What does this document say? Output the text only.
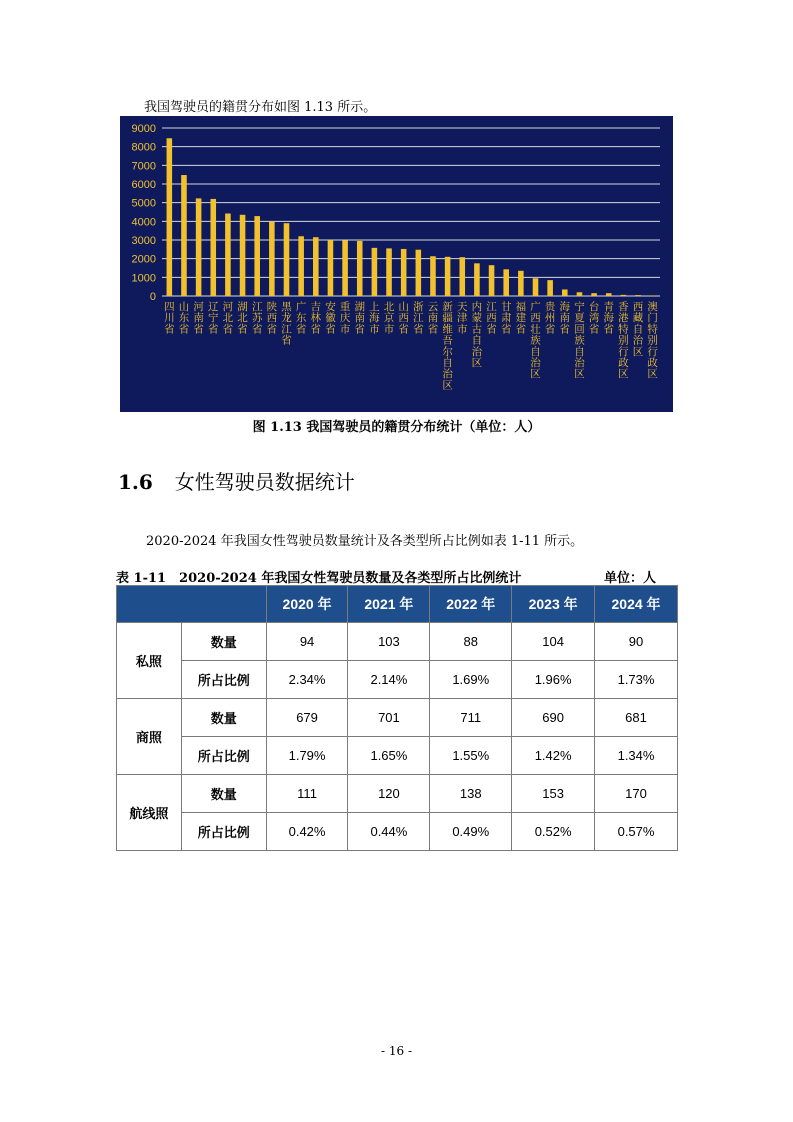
我国驾驶员的籍贯分布如图 1.13 所示。
0
1000
2000
3000
4000
5000
6000
7000
8000
9000
四川省
山东省
河南省
辽宁省
河北省
湖北省
江苏省
陕西省
黑龙江省
广东省
吉林省
安徽省
重庆市
湖南省
上海市
北京市
山西省
浙江省
云南省
新疆维吾尔自治区
天津市
内蒙古自治区
江西省
甘肃省
福建省
广西壮族自治区
贵州省
海南省
宁夏回族自治区
台湾省
青海省
香港特别行政区
西藏自治区
澳门特别行政区
图 1.13 我国驾驶员的籍贯分布统计（单位：人）
1.6 女性驾驶员数据统计
2020-2024 年我国女性驾驶员数量统计及各类型所占比例如表 1-11 所示。
表 1-11　2020-2024 年我国女性驾驶员数量及各类型所占比例统计	单位：人
		2020 年	2021 年	2022 年	2023 年	2024 年
私照	数量	94	103	88	104	90
	所占比例	2.34%	2.14%	1.69%	1.96%	1.73%
商照	数量	679	701	711	690	681
	所占比例	1.79%	1.65%	1.55%	1.42%	1.34%
航线照	数量	111	120	138	153	170
	所占比例	0.42%	0.44%	0.49%	0.52%	0.57%
- 16 -
